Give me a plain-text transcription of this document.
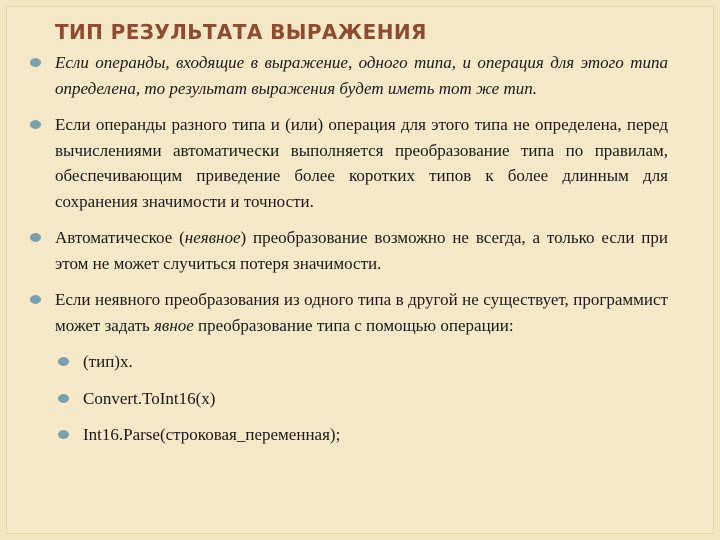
ТИП РЕЗУЛЬТАТА ВЫРАЖЕНИЯ
Если операнды, входящие в выражение, одного типа, и операция для этого типа определена, то результат выражения будет иметь тот же тип.
Если операнды разного типа и (или) операция для этого типа не определена, перед вычислениями автоматически выполняется преобразование типа по правилам, обеспечивающим приведение более коротких типов к более длинным для сохранения значимости и точности.
Автоматическое (неявное) преобразование возможно не всегда, а только если при этом не может случиться потеря значимости.
Если неявного преобразования из одного типа в другой не существует, программист может задать явное преобразование типа с помощью операции:
(тип)x.
Convert.ToInt16(x)
Int16.Parse(строковая_переменная);
